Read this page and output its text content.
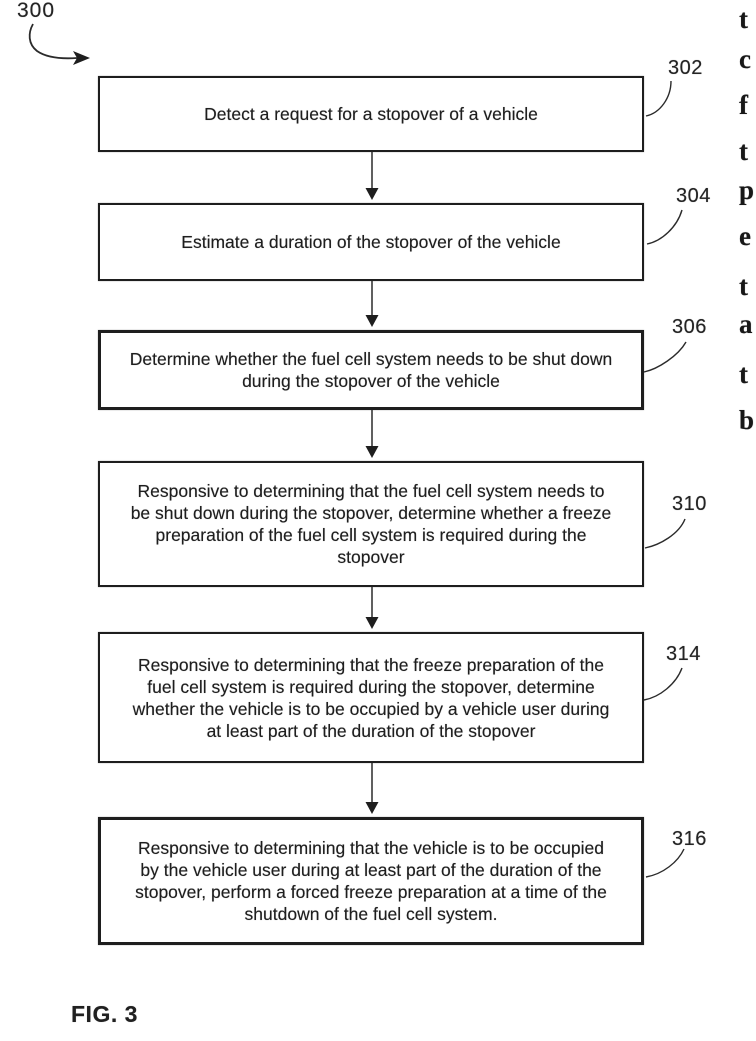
300
Detect a request for a stopover of a vehicle
Estimate a duration of the stopover of the vehicle
Determine whether the fuel cell system needs to be shut down
during the stopover of the vehicle
Responsive to determining that the fuel cell system needs to
be shut down during the stopover, determine whether a freeze
preparation of the fuel cell system is required during the
stopover
Responsive to determining that the freeze preparation of the
fuel cell system is required during the stopover, determine
whether the vehicle is to be occupied by a vehicle user during
at least part of the duration of the stopover
Responsive to determining that the vehicle is to be occupied
by the vehicle user during at least part of the duration of the
stopover, perform a forced freeze preparation at a time of the
shutdown of the fuel cell system.
302
304
306
310
314
316
t
c
f
t
p
e
t
a
t
b
FIG. 3
